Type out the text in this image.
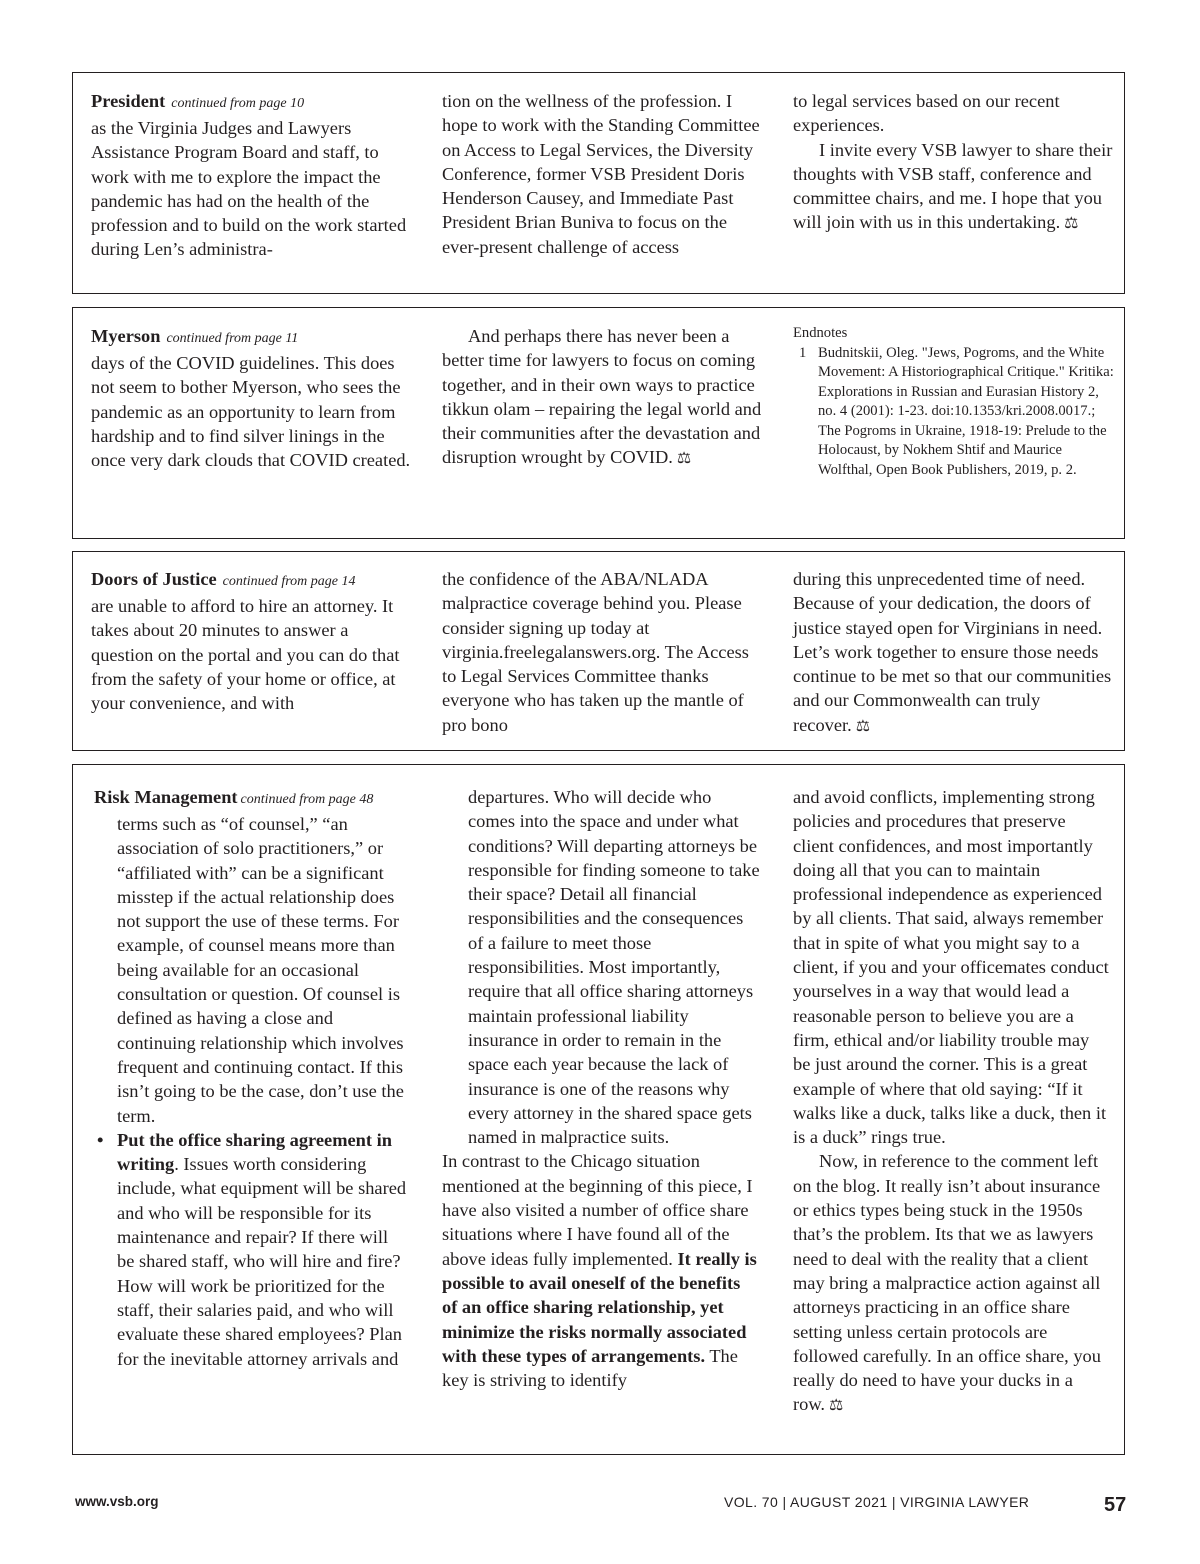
President continued from page 10

as the Virginia Judges and Lawyers Assistance Program Board and staff, to work with me to explore the impact the pandemic has had on the health of the profession and to build on the work started during Len’s administra-

tion on the wellness of the profession. I hope to work with the Standing Committee on Access to Legal Services, the Diversity Conference, former VSB President Doris Henderson Causey, and Immediate Past President Brian Buniva to focus on the ever-present challenge of access

to legal services based on our recent experiences.

I invite every VSB lawyer to share their thoughts with VSB staff, conference and committee chairs, and me. I hope that you will join with us in this undertaking. ⚖

Myerson continued from page 11

days of the COVID guidelines. This does not seem to bother Myerson, who sees the pandemic as an opportunity to learn from hardship and to find silver linings in the once very dark clouds that COVID created.

And perhaps there has never been a better time for lawyers to focus on coming together, and in their own ways to practice tikkun olam – repairing the legal world and their communities after the devastation and disruption wrought by COVID. ⚖

Endnotes

1 Budnitskii, Oleg. "Jews, Pogroms, and the White Movement: A Historiographical Critique." Kritika: Explorations in Russian and Eurasian History 2, no. 4 (2001): 1-23. doi:10.1353/kri.2008.0017.; The Pogroms in Ukraine, 1918-19: Prelude to the Holocaust, by Nokhem Shtif and Maurice Wolfthal, Open Book Publishers, 2019, p. 2.

Doors of Justice continued from page 14

are unable to afford to hire an attorney. It takes about 20 minutes to answer a question on the portal and you can do that from the safety of your home or office, at your convenience, and with

the confidence of the ABA/NLADA malpractice coverage behind you. Please consider signing up today at virginia.freelegalanswers.org. The Access to Legal Services Committee thanks everyone who has taken up the mantle of pro bono

during this unprecedented time of need. Because of your dedication, the doors of justice stayed open for Virginians in need. Let’s work together to ensure those needs continue to be met so that our communities and our Commonwealth can truly recover. ⚖

Risk Management continued from page 48

terms such as “of counsel,” “an association of solo practitioners,” or “affiliated with” can be a significant misstep if the actual relationship does not support the use of these terms. For example, of counsel means more than being available for an occasional consultation or question. Of counsel is defined as having a close and continuing relationship which involves frequent and continuing contact. If this isn’t going to be the case, don’t use the term.

• Put the office sharing agreement in writing. Issues worth considering include, what equipment will be shared and who will be responsible for its maintenance and repair? If there will be shared staff, who will hire and fire? How will work be prioritized for the staff, their salaries paid, and who will evaluate these shared employees? Plan for the inevitable attorney arrivals and

departures. Who will decide who comes into the space and under what conditions? Will departing attorneys be responsible for finding someone to take their space? Detail all financial responsibilities and the consequences of a failure to meet those responsibilities. Most importantly, require that all office sharing attorneys maintain professional liability insurance in order to remain in the space each year because the lack of insurance is one of the reasons why every attorney in the shared space gets named in malpractice suits.

In contrast to the Chicago situation mentioned at the beginning of this piece, I have also visited a number of office share situations where I have found all of the above ideas fully implemented. It really is possible to avail oneself of the benefits of an office sharing relationship, yet minimize the risks normally associated with these types of arrangements. The key is striving to identify

and avoid conflicts, implementing strong policies and procedures that preserve client confidences, and most importantly doing all that you can to maintain professional independence as experienced by all clients. That said, always remember that in spite of what you might say to a client, if you and your officemates conduct yourselves in a way that would lead a reasonable person to believe you are a firm, ethical and/or liability trouble may be just around the corner. This is a great example of where that old saying: “If it walks like a duck, talks like a duck, then it is a duck” rings true.

Now, in reference to the comment left on the blog. It really isn’t about insurance or ethics types being stuck in the 1950s that’s the problem. Its that we as lawyers need to deal with the reality that a client may bring a malpractice action against all attorneys practicing in an office share setting unless certain protocols are followed carefully. In an office share, you really do need to have your ducks in a row. ⚖

www.vsb.org	VOL. 70 | AUGUST 2021 | VIRGINIA LAWYER	57
